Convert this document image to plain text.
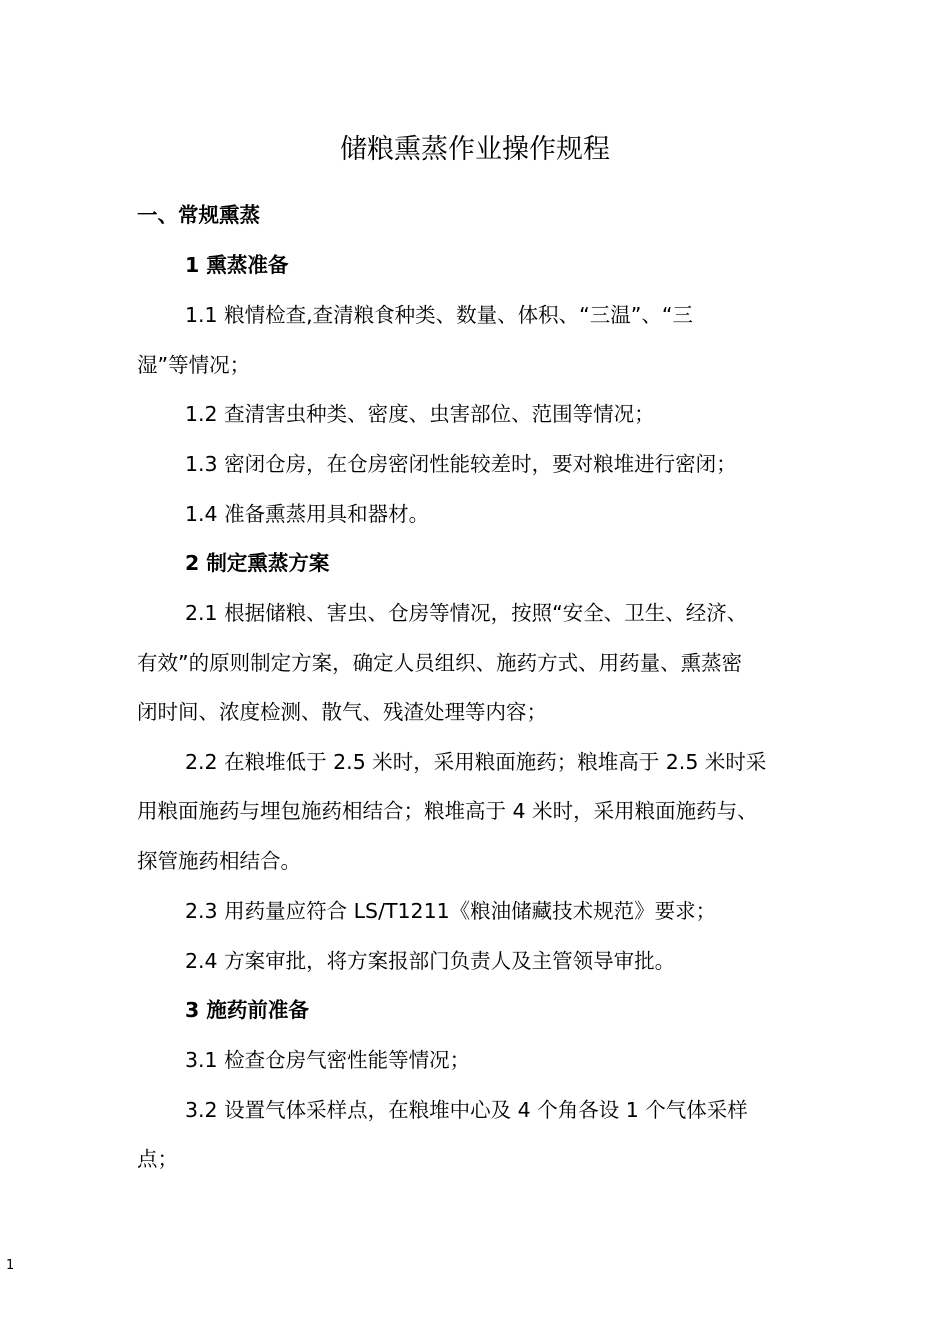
储粮熏蒸作业操作规程
一、常规熏蒸
1 熏蒸准备
1.1 粮情检查,查清粮食种类、数量、体积、“三温”、“三
湿”等情况；
1.2 查清害虫种类、密度、虫害部位、范围等情况；
1.3 密闭仓房，在仓房密闭性能较差时，要对粮堆进行密闭；
1.4 准备熏蒸用具和器材。
2 制定熏蒸方案
2.1 根据储粮、害虫、仓房等情况，按照“安全、卫生、经济、
有效”的原则制定方案，确定人员组织、施药方式、用药量、熏蒸密
闭时间、浓度检测、散气、残渣处理等内容；
2.2 在粮堆低于 2.5 米时，采用粮面施药；粮堆高于 2.5 米时采
用粮面施药与埋包施药相结合；粮堆高于 4 米时，采用粮面施药与、
探管施药相结合。
2.3 用药量应符合 LS/T1211《粮油储藏技术规范》要求；
2.4 方案审批，将方案报部门负责人及主管领导审批。
3 施药前准备
3.1 检查仓房气密性能等情况；
3.2 设置气体采样点，在粮堆中心及 4 个角各设 1 个气体采样
点；
1
